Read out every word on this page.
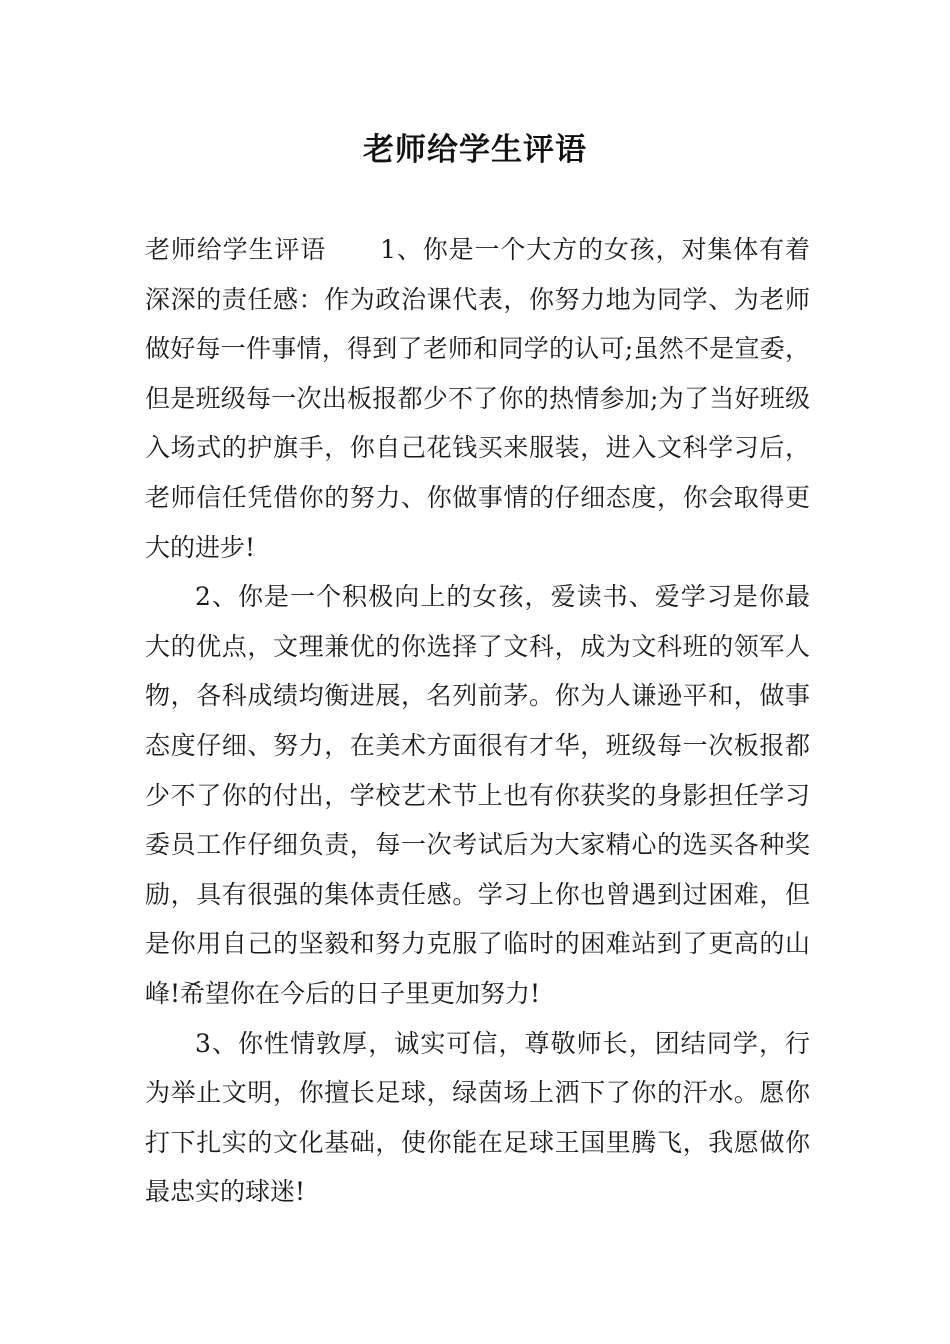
老师给学生评语

老师给学生评语 1、你是一个大方的女孩，对集体有着深深的责任感：作为政治课代表，你努力地为同学、为老师做好每一件事情，得到了老师和同学的认可;虽然不是宣委，但是班级每一次出板报都少不了你的热情参加;为了当好班级入场式的护旗手，你自己花钱买来服装，进入文科学习后，老师信任凭借你的努力、你做事情的仔细态度，你会取得更大的进步!

2、你是一个积极向上的女孩，爱读书、爱学习是你最大的优点，文理兼优的你选择了文科，成为文科班的领军人物，各科成绩均衡进展，名列前茅。你为人谦逊平和，做事态度仔细、努力，在美术方面很有才华，班级每一次板报都少不了你的付出，学校艺术节上也有你获奖的身影担任学习委员工作仔细负责，每一次考试后为大家精心的选买各种奖励，具有很强的集体责任感。学习上你也曾遇到过困难，但是你用自己的坚毅和努力克服了临时的困难站到了更高的山峰!希望你在今后的日子里更加努力!

3、你性情敦厚，诚实可信，尊敬师长，团结同学，行为举止文明，你擅长足球，绿茵场上洒下了你的汗水。愿你打下扎实的文化基础，使你能在足球王国里腾飞，我愿做你最忠实的球迷!
